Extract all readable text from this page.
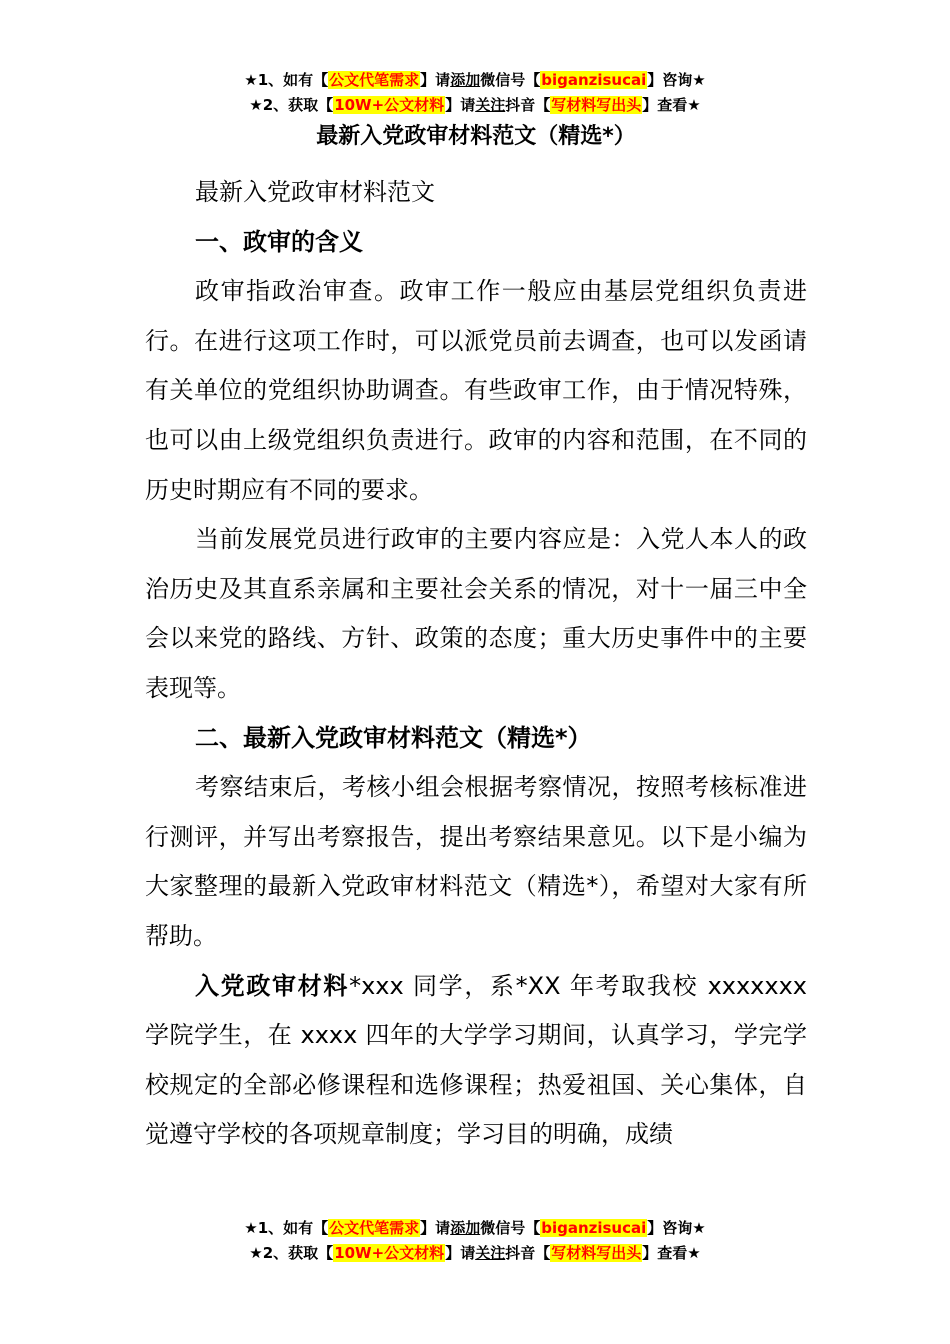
★1、如有【公文代笔需求】请添加微信号【biganzisucai】咨询★
★2、获取【10W+公文材料】请关注抖音【写材料写出头】查看★
最新入党政审材料范文（精选*）

最新入党政审材料范文

一、政审的含义

政审指政治审查。政审工作一般应由基层党组织负责进行。在进行这项工作时，可以派党员前去调查，也可以发函请有关单位的党组织协助调查。有些政审工作，由于情况特殊，也可以由上级党组织负责进行。政审的内容和范围，在不同的历史时期应有不同的要求。

当前发展党员进行政审的主要内容应是：入党人本人的政治历史及其直系亲属和主要社会关系的情况，对十一届三中全会以来党的路线、方针、政策的态度；重大历史事件中的主要表现等。

二、最新入党政审材料范文（精选*）

考察结束后，考核小组会根据考察情况，按照考核标准进行测评，并写出考察报告，提出考察结果意见。以下是小编为大家整理的最新入党政审材料范文（精选*），希望对大家有所帮助。

入党政审材料*xxx 同学，系*XX 年考取我校 xxxxxxx 学院学生，在 xxxx 四年的大学学习期间，认真学习，学完学校规定的全部必修课程和选修课程；热爱祖国、关心集体，自觉遵守学校的各项规章制度；学习目的明确，成绩

★1、如有【公文代笔需求】请添加微信号【biganzisucai】咨询★
★2、获取【10W+公文材料】请关注抖音【写材料写出头】查看★
